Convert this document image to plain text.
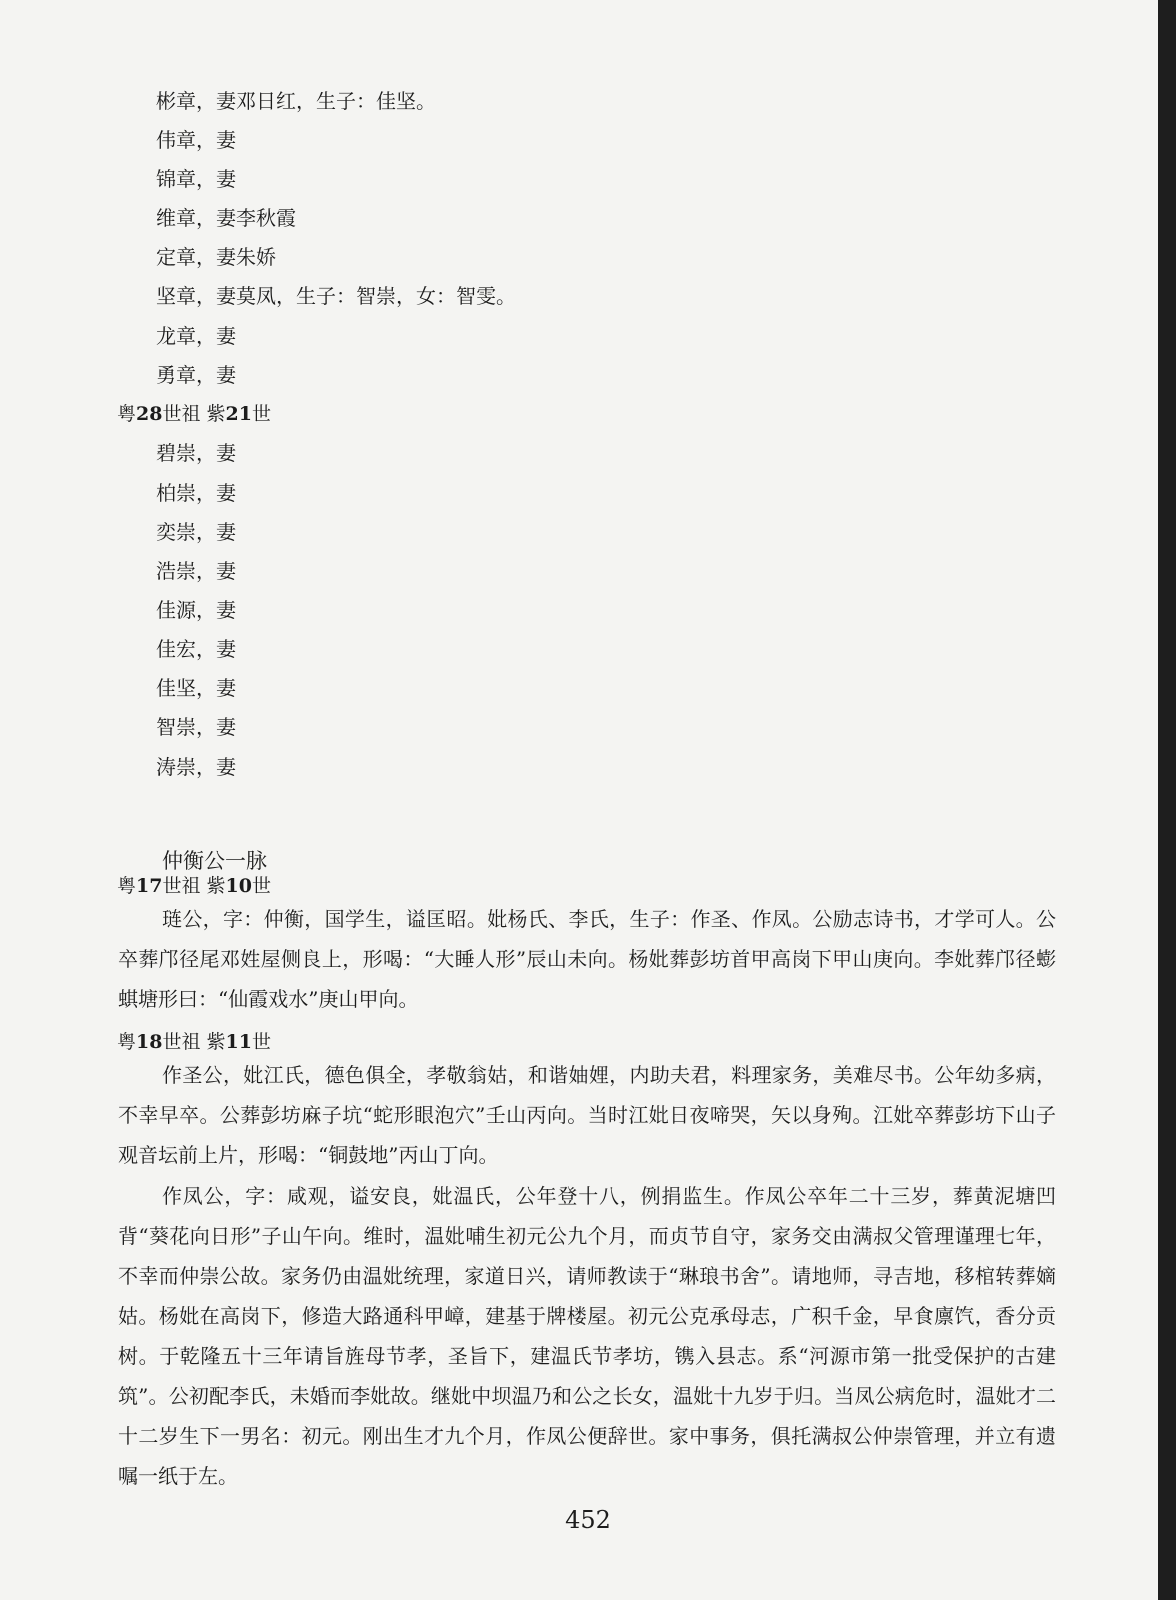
彬章，妻邓日红，生子：佳坚。
伟章，妻
锦章，妻
维章，妻李秋霞
定章，妻朱娇
坚章，妻莫凤，生子：智崇，女：智雯。
龙章，妻
勇章，妻
粤28世祖 紫21世
碧崇，妻
柏崇，妻
奕崇，妻
浩崇，妻
佳源，妻
佳宏，妻
佳坚，妻
智崇，妻
涛崇，妻
仲衡公一脉
粤17世祖 紫10世
琏公，字：仲衡，国学生，谥匡昭。妣杨氏、李氏，生子：作圣、作凤。公励志诗书，才学可人。公卒葬邝径尾邓姓屋侧良上，形喝：“大睡人形”辰山未向。杨妣葬彭坊首甲高岗下甲山庚向。李妣葬邝径蟛蜞塘形曰：“仙霞戏水”庚山甲向。
粤18世祖 紫11世
作圣公，妣江氏，德色俱全，孝敬翁姑，和谐妯娌，内助夫君，料理家务，美难尽书。公年幼多病，不幸早卒。公葬彭坊麻子坑“蛇形眼泡穴”壬山丙向。当时江妣日夜啼哭，矢以身殉。江妣卒葬彭坊下山子观音坛前上片，形喝：“铜鼓地”丙山丁向。
作凤公，字：咸观，谥安良，妣温氏，公年登十八，例捐监生。作凤公卒年二十三岁，葬黄泥塘凹背“葵花向日形”子山午向。维时，温妣哺生初元公九个月，而贞节自守，家务交由满叔父管理谨理七年，不幸而仲崇公故。家务仍由温妣统理，家道日兴，请师教读于“琳琅书舍”。请地师，寻吉地，移棺转葬嫡姑。杨妣在高岗下，修造大路通科甲嶂，建基于牌楼屋。初元公克承母志，广积千金，早食廪饩，香分贡树。于乾隆五十三年请旨旌母节孝，圣旨下，建温氏节孝坊，镌入县志。系“河源市第一批受保护的古建筑”。公初配李氏，未婚而李妣故。继妣中坝温乃和公之长女，温妣十九岁于归。当凤公病危时，温妣才二十二岁生下一男名：初元。刚出生才九个月，作凤公便辞世。家中事务，俱托满叔公仲崇管理，并立有遗嘱一纸于左。
452
